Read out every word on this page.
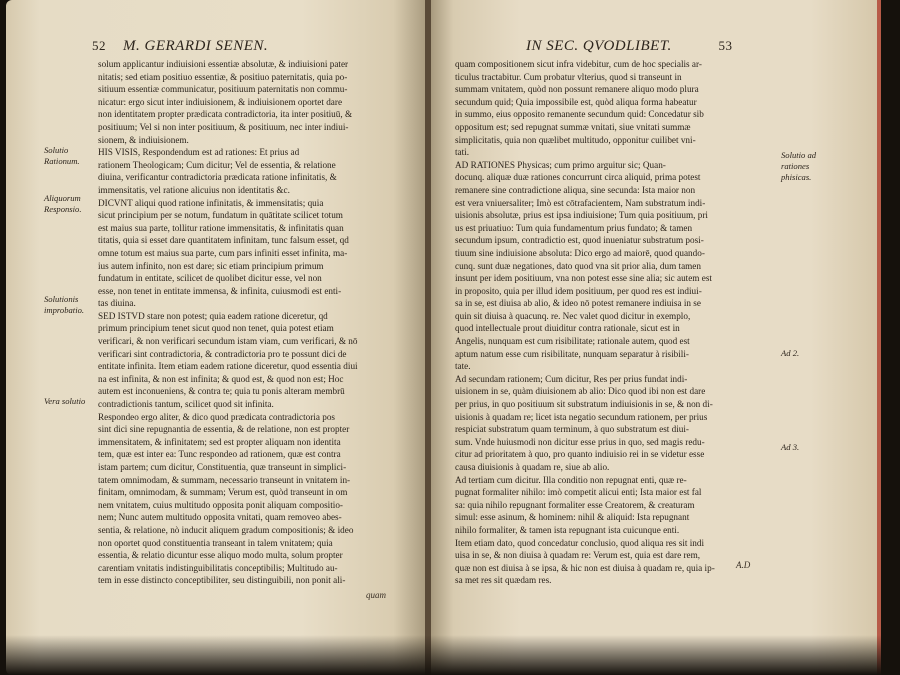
52 M. GERARDI SENEN.
solum applicantur indiuisioni essentiæ absolutæ, & indiuisioni pater
nitatis; sed etiam positiuo essentiæ, & positiuo paternitatis, quia po-
sitiuum essentiæ communicatur, positiuum paternitatis non commu-
nicatur: ergo sicut inter indiuisionem, & indiuisionem oportet dare
non identitatem propter prædicata contradictoria, ita inter positiuū, &
positiuum; Vel si non inter positiuum, & positiuum, nec inter indiui-
sionem, & indiuisionem.
HIS VISIS, Respondendum est ad rationes: Et prius ad
rationem Theologicam; Cum dicitur; Vel de essentia, & relatione
diuina, verificantur contradictoria prædicata ratione infinitatis, &
immensitatis, vel ratione alicuius non identitatis &c.
DICVNT aliqui quod ratione infinitatis, & immensitatis; quia
sicut principium per se notum, fundatum in quātitate scilicet totum
est maius sua parte, tollitur ratione immensitatis, & infinitatis quan
titatis, quia si esset dare quantitatem infinitam, tunc falsum esset, qd
omne totum est maius sua parte, cum pars infiniti esset infinita, ma-
ius autem infinito, non est dare; sic etiam principium primum
fundatum in entitate, scilicet de quolibet dicitur esse, vel non
esse, non tenet in entitate immensa, & infinita, cuiusmodi est enti-
tas diuina.
SED ISTVD stare non potest; quia eadem ratione diceretur, qd
primum principium tenet sicut quod non tenet, quia potest etiam
verificari, & non verificari secundum istam viam, cum verificari, & nō
verificari sint contradictoria, & contradictoria pro te possunt dici de
entitate infinita. Item etiam eadem ratione diceretur, quod essentia diui
na est infinita, & non est infinita; & quod est, & quod non est; Hoc
autem est inconueniens, & contra te; quia tu ponis alteram membrū
contradictionis tantum, scilicet quod sit infinita.
Respondeo ergo aliter, & dico quod prædicata contradictoria pos
sint dici sine repugnantia de essentia, & de relatione, non est propter
immensitatem, & infinitatem; sed est propter aliquam non identita
tem, quæ est inter ea: Tunc respondeo ad rationem, quæ est contra
istam partem; cum dicitur, Constituentia, quæ transeunt in simplici-
tatem omnimodam, & summam, necessario transeunt in vnitatem in-
finitam, omnimodam, & summam; Verum est, quòd transeunt in om
nem vnitatem, cuius multitudo opposita ponit aliquam compositio-
nem; Nunc autem multitudo opposita vnitati, quam removeo abes-
sentia, & relatione, nò inducit aliquem gradum compositionis; & ideo
non oportet quod constituentia transeant in talem vnitatem; quia
essentia, & relatio dicuntur esse aliquo modo multa, solum propter
carentiam vnitatis indistinguibilitatis conceptibilis; Multitudo au-
tem in esse distincto conceptibiliter, seu distinguibili, non ponit ali-
Solutio Rationum.
Aliquorum Responsio.
Solutionis improbatio.
Vera solutio
quam
IN SEC. QVODLIBET.	53
quam compositionem sicut infra videbitur, cum de hoc specialis ar-
ticulus tractabitur. Cum probatur vlterius, quod si transeunt in
summam vnitatem, quòd non possunt remanere aliquo modo plura
secundum quid; Quia impossibile est, quòd aliqua forma habeatur
in summo, eius opposito remanente secundum quid: Concedatur sib
oppositum est; sed repugnat summæ vnitati, siue vnitati summæ
simplicitatis, quia non quælibet multitudo, opponitur cuilibet vni-
tati.
AD RATIONES Physicas; cum primo arguitur sic; Quan-
docunq. aliquæ duæ rationes concurrunt circa aliquid, prima potest
remanere sine contradictione aliqua, sine secunda: Ista maior non
est vera vniuersaliter; Imò est cōtrafacientem, Nam substratum indi-
uisionis absolutæ, prius est ipsa indiuisione; Tum quia positiuum, pri
us est priuatiuo: Tum quia fundamentum prius fundato; & tamen
secundum ipsum, contradictio est, quod inueniatur substratum posi-
tiuum sine indiuisione absoluta: Dico ergo ad maiorē, quod quando-
cunq. sunt duæ negationes, dato quod vna sit prior alia, dum tamen
insunt per idem positiuum, vna non potest esse sine alia; sic autem est
in proposito, quia per illud idem positiuum, per quod res est indiui-
sa in se, est diuisa ab alio, & ideo nō potest remanere indiuisa in se
quin sit diuisa à quacunq. re. Nec valet quod dicitur in exemplo,
quod intellectuale prout diuiditur contra rationale, sicut est in
Angelis, nunquam est cum risibilitate; rationale autem, quod est
aptum natum esse cum risibilitate, nunquam separatur à risibili-
tate.
Ad secundam rationem; Cum dicitur, Res per prius fundat indi-
uisionem in se, quàm diuisionem ab alio: Dico quod ibi non est dare
per prius, in quo positiuum sit substratum indiuisionis in se, & non di-
uisionis à quadam re; licet ista negatio secundum rationem, per prius
respiciat substratum quam terminum, à quo substratum est diui-
sum. Vnde huiusmodi non dicitur esse prius in quo, sed magis redu-
citur ad prioritatem à quo, pro quanto indiuisio rei in se videtur esse
causa diuisionis à quadam re, siue ab alio.
Ad tertiam cum dicitur. Illa conditio non repugnat enti, quæ re-
pugnat formaliter nihilo: imò competit alicui enti; Ista maior est fal
sa: quia nihilo repugnant formaliter esse Creatorem, & creaturam
simul: esse asinum, & hominem: nihil & aliquid: Ista repugnant
nihilo formaliter, & tamen ista repugnant ista cuicunque enti.
Item etiam dato, quod concedatur conclusio, quod aliqua res sit indi
uisa in se, & non diuisa à quadam re: Verum est, quia est dare rem,
quæ non est diuisa à se ipsa, & hic non est diuisa à quadam re, quia ip-
sa met res sit quædam res.
Solutio ad rationes phisicas.
Ad 2.
Ad 3.
A.D
